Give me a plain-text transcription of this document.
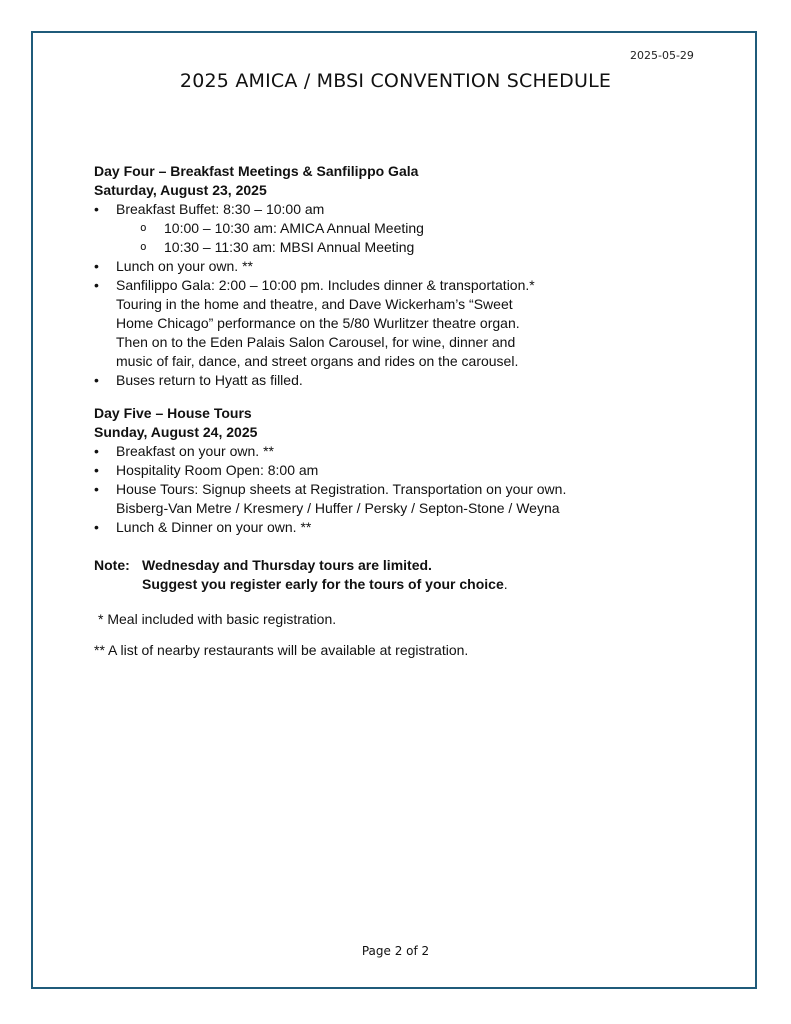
2025-05-29
2025 AMICA / MBSI CONVENTION SCHEDULE

Day Four – Breakfast Meetings & Sanfilippo Gala

Saturday, August 23, 2025

• Breakfast Buffet: 8:30 – 10:00 am
o 10:00 – 10:30 am: AMICA Annual Meeting
o 10:30 – 11:30 am: MBSI Annual Meeting
• Lunch on your own. **
• Sanfilippo Gala: 2:00 – 10:00 pm. Includes dinner & transportation.*
Touring in the home and theatre, and Dave Wickerham’s “Sweet
Home Chicago” performance on the 5/80 Wurlitzer theatre organ.
Then on to the Eden Palais Salon Carousel, for wine, dinner and
music of fair, dance, and street organs and rides on the carousel.
• Buses return to Hyatt as filled.

Day Five – House Tours

Sunday, August 24, 2025

• Breakfast on your own. **
• Hospitality Room Open: 8:00 am
• House Tours: Signup sheets at Registration. Transportation on your own.
Bisberg-Van Metre / Kresmery / Huffer / Persky / Septon-Stone / Weyna
• Lunch & Dinner on your own. **
Note: Wednesday and Thursday tours are limited.
Suggest you register early for the tours of your choice.
* Meal included with basic registration.
** A list of nearby restaurants will be available at registration.
Page 2 of 2
